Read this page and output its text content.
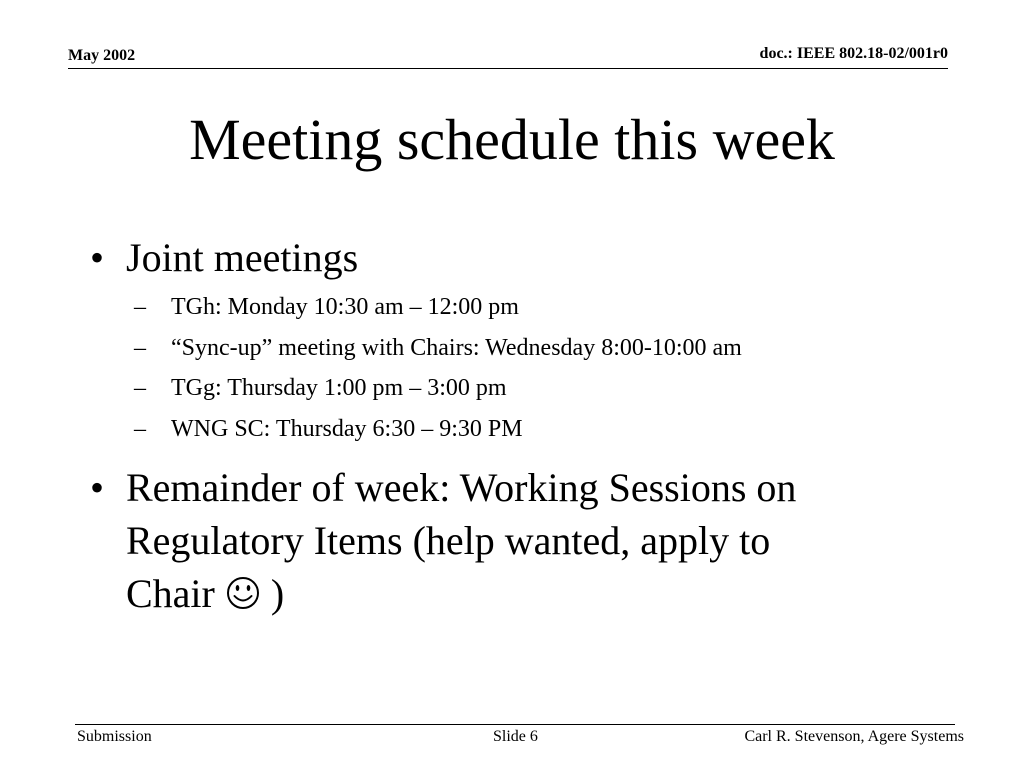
May 2002	doc.: IEEE 802.18-02/001r0
Meeting schedule this week
• Joint meetings
– TGh: Monday 10:30 am – 12:00 pm
– “Sync-up” meeting with Chairs: Wednesday 8:00-10:00 am
– TGg: Thursday 1:00 pm – 3:00 pm
– WNG SC: Thursday 6:30 – 9:30 PM
• Remainder of week: Working Sessions on
Regulatory Items (help wanted, apply to
Chair  )
Submission	Slide 6	Carl R. Stevenson, Agere Systems
